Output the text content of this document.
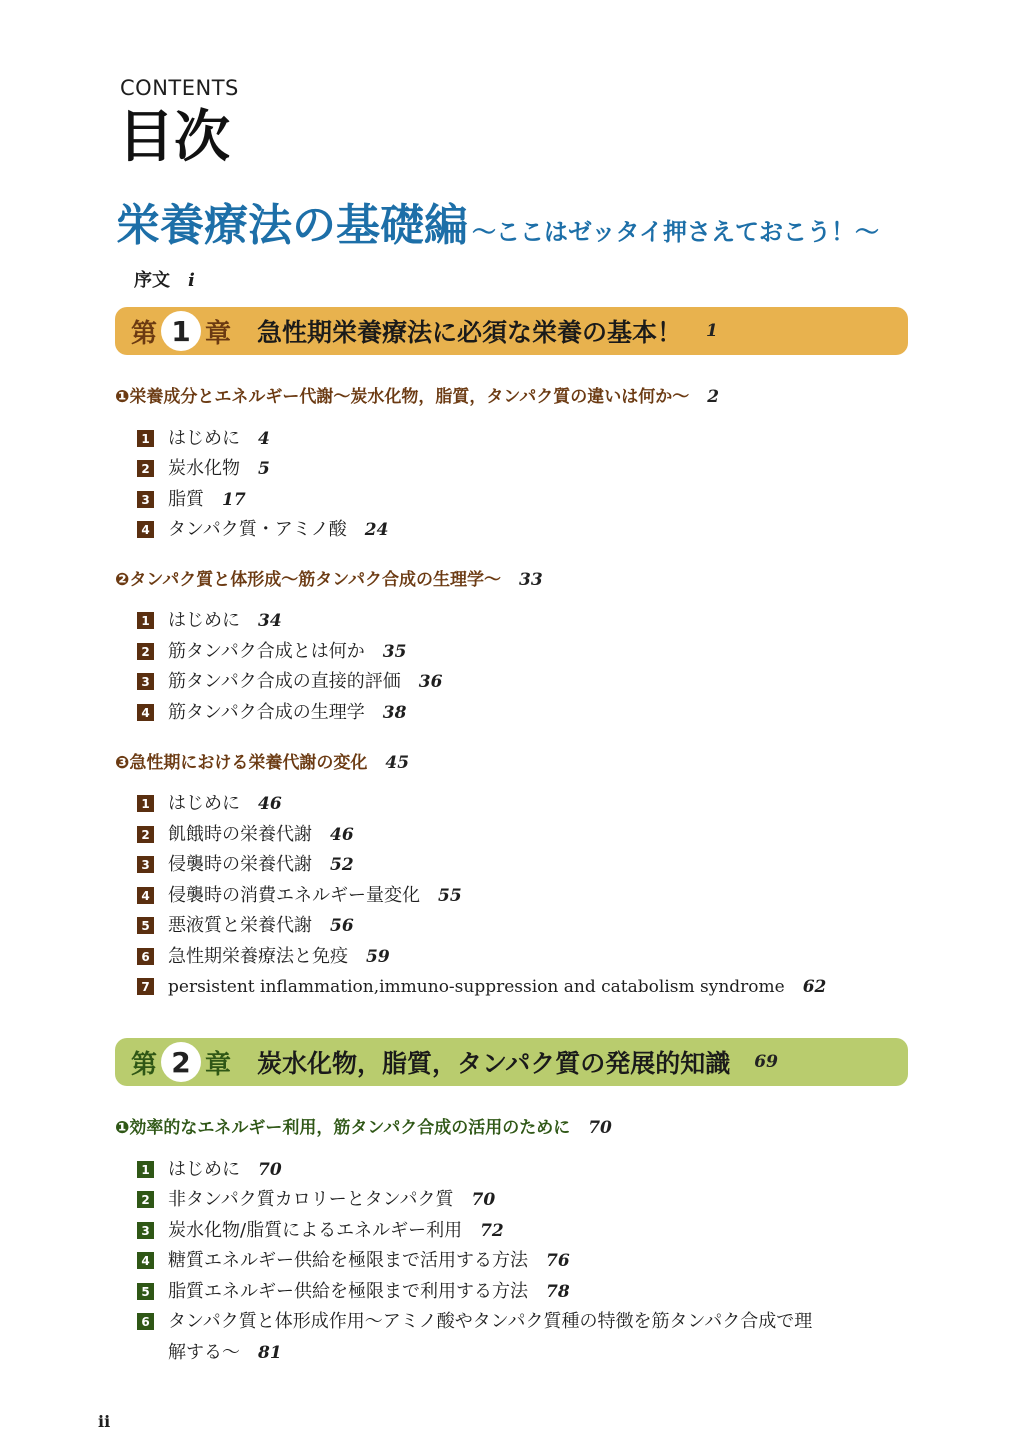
CONTENTS
目次
栄養療法の基礎編 〜ここはゼッタイ押さえておこう！〜
序文 i
第 1 章 急性期栄養療法に必須な栄養の基本！ 1
❶栄養成分とエネルギー代謝〜炭水化物，脂質，タンパク質の違いは何か〜 2
1 はじめに 4
2 炭水化物 5
3 脂質 17
4 タンパク質・アミノ酸 24
❷タンパク質と体形成〜筋タンパク合成の生理学〜 33
1 はじめに 34
2 筋タンパク合成とは何か 35
3 筋タンパク合成の直接的評価 36
4 筋タンパク合成の生理学 38
❸急性期における栄養代謝の変化 45
1 はじめに 46
2 飢餓時の栄養代謝 46
3 侵襲時の栄養代謝 52
4 侵襲時の消費エネルギー量変化 55
5 悪液質と栄養代謝 56
6 急性期栄養療法と免疫 59
7 persistent inflammation,immuno-suppression and catabolism syndrome 62
第 2 章 炭水化物，脂質，タンパク質の発展的知識 69
❶効率的なエネルギー利用，筋タンパク合成の活用のために 70
1 はじめに 70
2 非タンパク質カロリーとタンパク質 70
3 炭水化物/脂質によるエネルギー利用 72
4 糖質エネルギー供給を極限まで活用する方法 76
5 脂質エネルギー供給を極限まで利用する方法 78
6 タンパク質と体形成作用〜アミノ酸やタンパク質種の特徴を筋タンパク合成で理
解する〜 81
ii
